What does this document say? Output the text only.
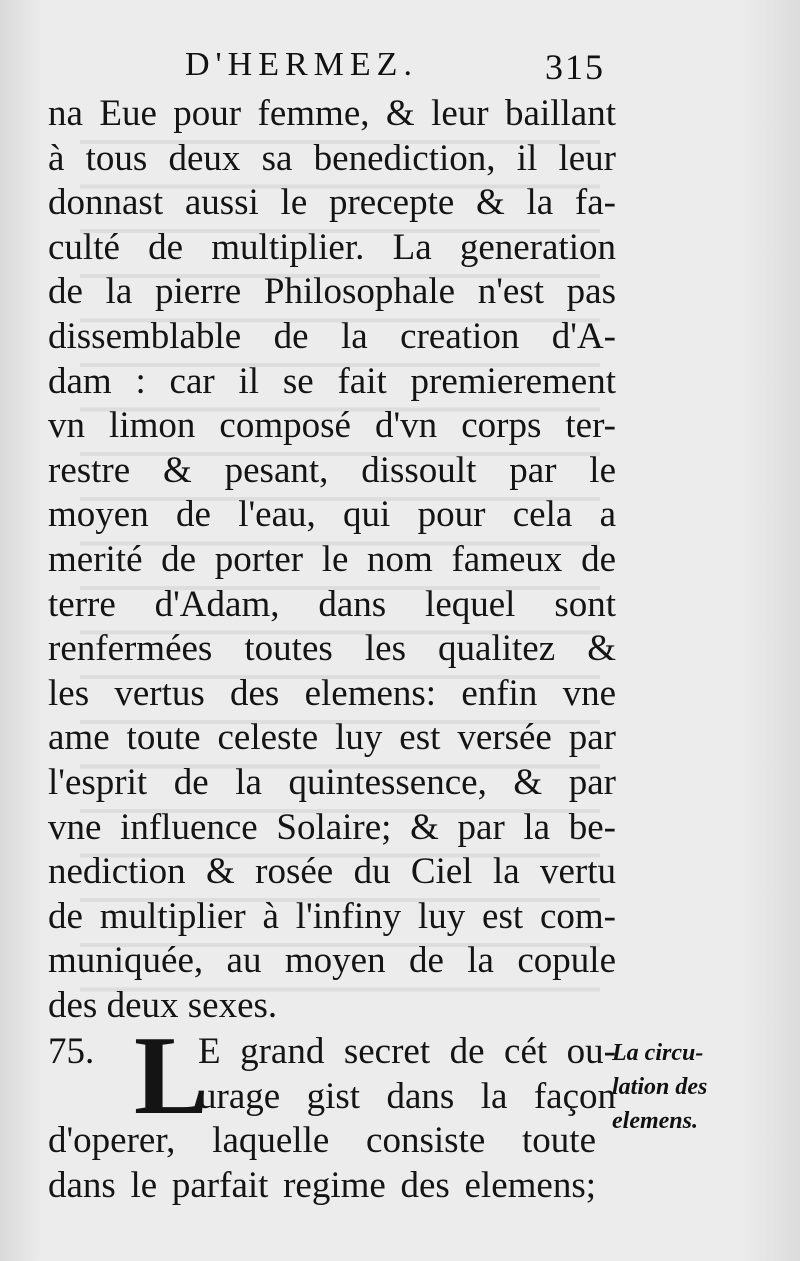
D'HERMEZ.	315
na Eue pour femme, & leur baillant
à tous deux sa benediction, il leur
donnast aussi le precepte & la fa-
culté de multiplier. La generation
de la pierre Philosophale n'est pas
dissemblable de la creation d'A-
dam : car il se fait premierement
vn limon composé d'vn corps ter-
restre & pesant, dissoult par le
moyen de l'eau, qui pour cela a
merité de porter le nom fameux de
terre d'Adam, dans lequel sont
renfermées toutes les qualitez &
les vertus des elemens: enfin vne
ame toute celeste luy est versée par
l'esprit de la quintessence, & par
vne influence Solaire; & par la be-
nediction & rosée du Ciel la vertu
de multiplier à l'infiny luy est com-
muniquée, au moyen de la copule
des deux sexes.
75. L
E grand secret de cét ou-
urage gist dans la façon
d'operer, laquelle consiste toute
dans le parfait regime des elemens;
La circu-
lation des
elemens.
